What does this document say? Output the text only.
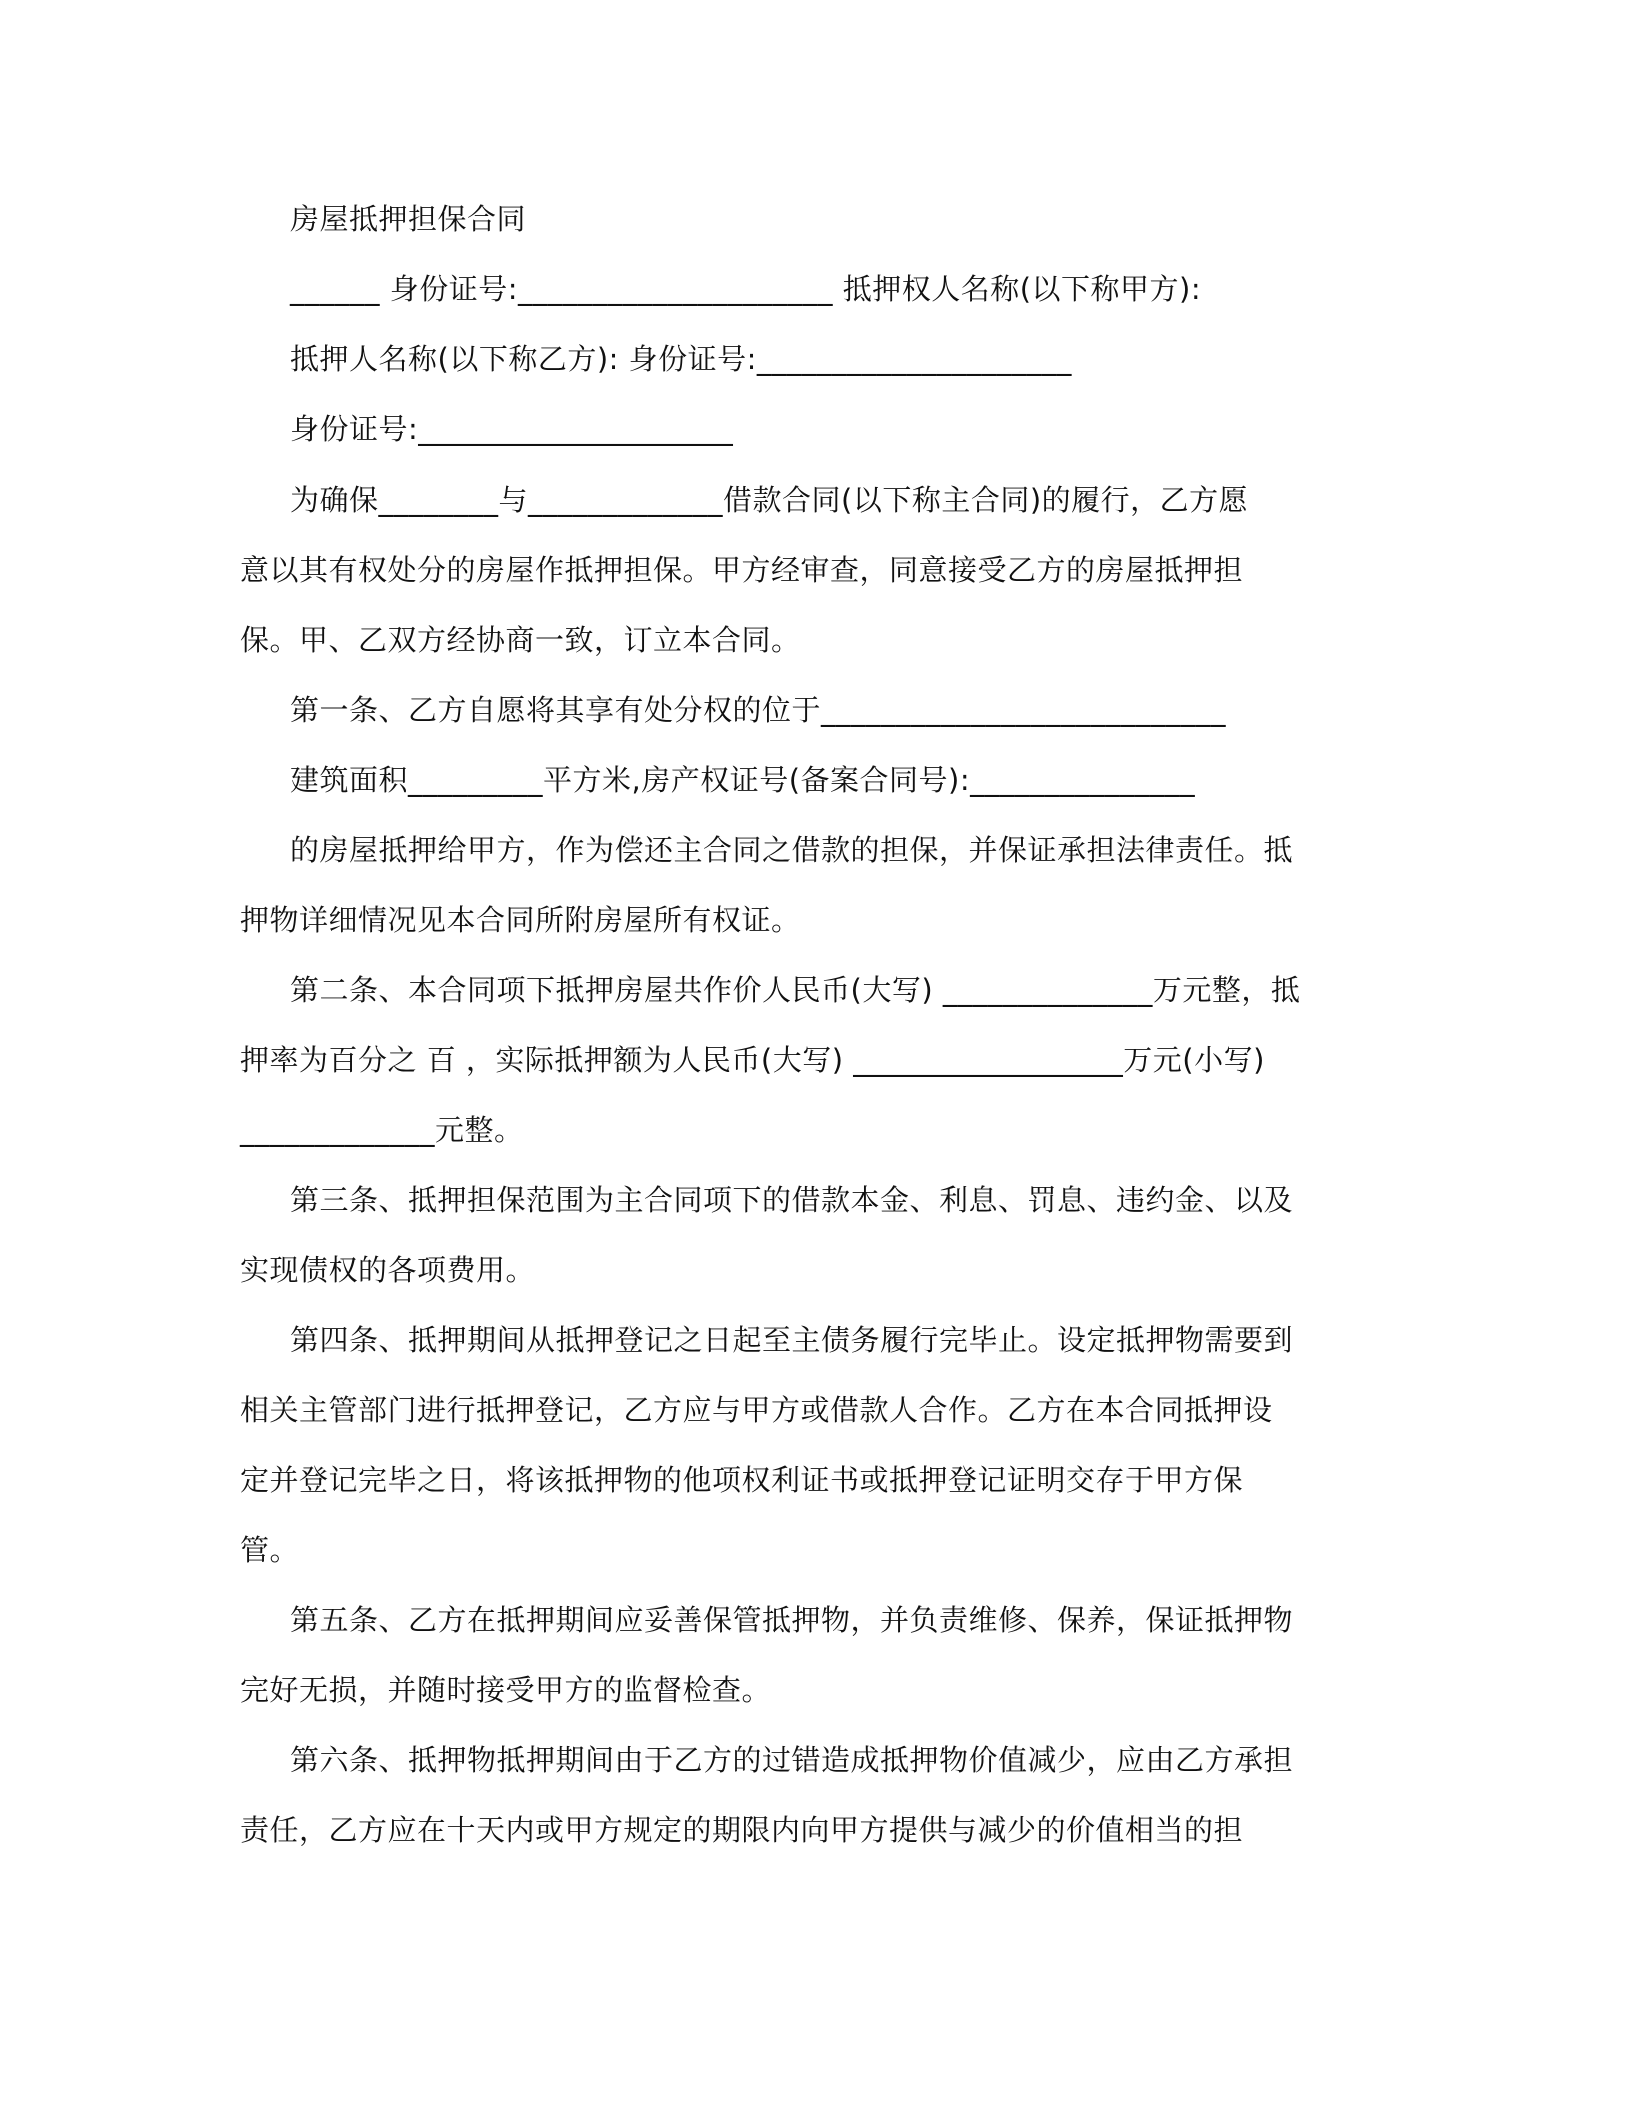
房屋抵押担保合同
______ 身份证号:_____________________ 抵押权人名称(以下称甲方):
抵押人名称(以下称乙方): 身份证号:_____________________
身份证号:_____________________
为确保________与_____________借款合同(以下称主合同)的履行，乙方愿
意以其有权处分的房屋作抵押担保。甲方经审查，同意接受乙方的房屋抵押担
保。甲、乙双方经协商一致，订立本合同。
第一条、乙方自愿将其享有处分权的位于___________________________
建筑面积_________平方米,房产权证号(备案合同号):_______________
的房屋抵押给甲方，作为偿还主合同之借款的担保，并保证承担法律责任。抵
押物详细情况见本合同所附房屋所有权证。
第二条、本合同项下抵押房屋共作价人民币(大写) ______________万元整，抵
押率为百分之 百 ，实际抵押额为人民币(大写) __________________万元(小写)
_____________元整。
第三条、抵押担保范围为主合同项下的借款本金、利息、罚息、违约金、以及
实现债权的各项费用。
第四条、抵押期间从抵押登记之日起至主债务履行完毕止。设定抵押物需要到
相关主管部门进行抵押登记，乙方应与甲方或借款人合作。乙方在本合同抵押设
定并登记完毕之日，将该抵押物的他项权利证书或抵押登记证明交存于甲方保
管。
第五条、乙方在抵押期间应妥善保管抵押物，并负责维修、保养，保证抵押物
完好无损，并随时接受甲方的监督检查。
第六条、抵押物抵押期间由于乙方的过错造成抵押物价值减少，应由乙方承担
责任，乙方应在十天内或甲方规定的期限内向甲方提供与减少的价值相当的担
